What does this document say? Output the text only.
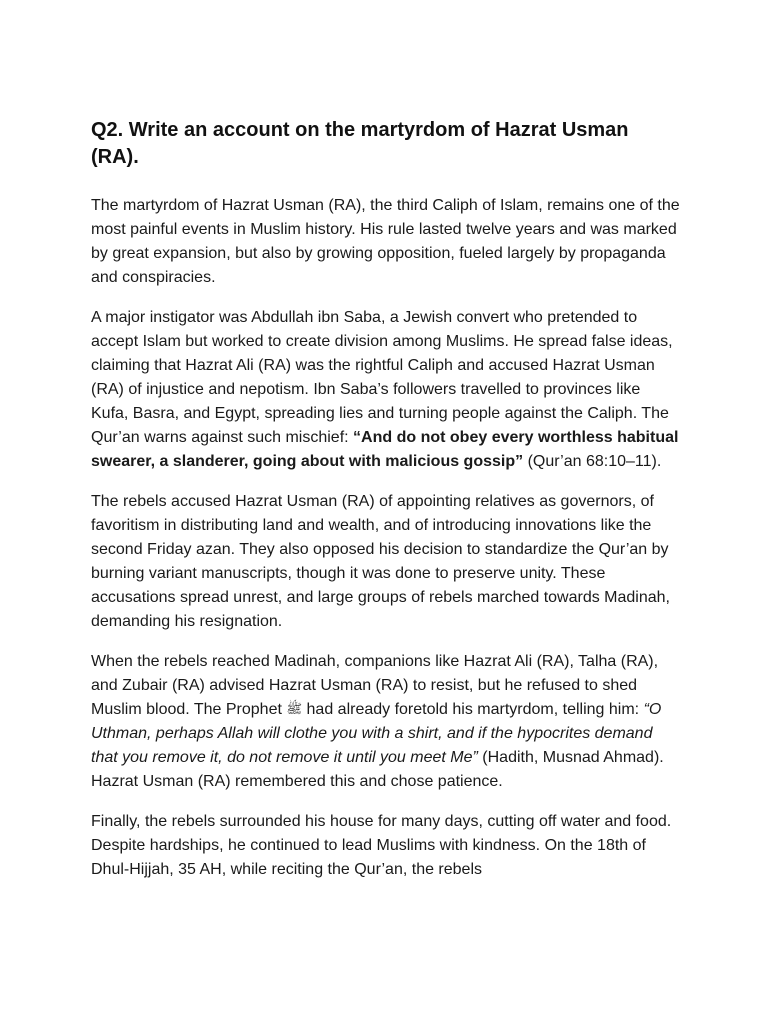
Q2. Write an account on the martyrdom of Hazrat Usman (RA).

The martyrdom of Hazrat Usman (RA), the third Caliph of Islam, remains one of the most painful events in Muslim history. His rule lasted twelve years and was marked by great expansion, but also by growing opposition, fueled largely by propaganda and conspiracies.

A major instigator was Abdullah ibn Saba, a Jewish convert who pretended to accept Islam but worked to create division among Muslims. He spread false ideas, claiming that Hazrat Ali (RA) was the rightful Caliph and accused Hazrat Usman (RA) of injustice and nepotism. Ibn Saba’s followers travelled to provinces like Kufa, Basra, and Egypt, spreading lies and turning people against the Caliph. The Qur’an warns against such mischief: “And do not obey every worthless habitual swearer, a slanderer, going about with malicious gossip” (Qur’an 68:10–11).

The rebels accused Hazrat Usman (RA) of appointing relatives as governors, of favoritism in distributing land and wealth, and of introducing innovations like the second Friday azan. They also opposed his decision to standardize the Qur’an by burning variant manuscripts, though it was done to preserve unity. These accusations spread unrest, and large groups of rebels marched towards Madinah, demanding his resignation.

When the rebels reached Madinah, companions like Hazrat Ali (RA), Talha (RA), and Zubair (RA) advised Hazrat Usman (RA) to resist, but he refused to shed Muslim blood. The Prophet ﷺ had already foretold his martyrdom, telling him: “O Uthman, perhaps Allah will clothe you with a shirt, and if the hypocrites demand that you remove it, do not remove it until you meet Me” (Hadith, Musnad Ahmad). Hazrat Usman (RA) remembered this and chose patience.

Finally, the rebels surrounded his house for many days, cutting off water and food. Despite hardships, he continued to lead Muslims with kindness. On the 18th of Dhul-Hijjah, 35 AH, while reciting the Qur’an, the rebels
